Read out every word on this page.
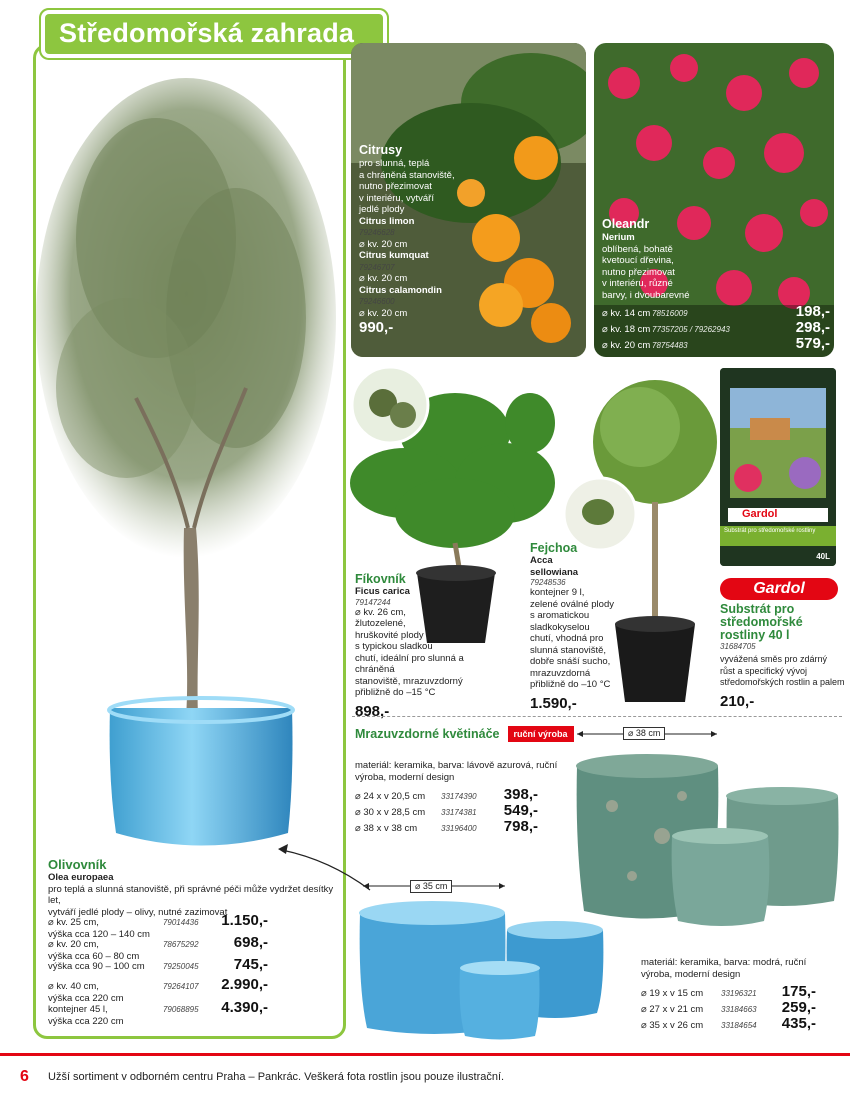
Středomořská zahrada
Olivovník
Olea europaea
pro teplá a slunná stanoviště, při správné péči může vydržet desítky let,
vytváří jedlé plody – olivy, nutné zazimovat
⌀ kv. 25 cm,
výška cca 120 – 140 cm
79014436	1.150,-
⌀ kv. 20 cm,
výška cca 60 – 80 cm
78675292	698,-
výška cca 90 – 100 cm	79250045	745,-
⌀ kv. 40 cm,
výška cca 220 cm
79264107	2.990,-
kontejner 45 l,
výška cca 220 cm
79068895	4.390,-
Citrusy
pro slunná, teplá
a chráněná stanoviště,
nutno přezimovat
v interiéru, vytváří
jedlé plody
Citrus limon
79246628
⌀ kv. 20 cm
Citrus kumquat
79246707
⌀ kv. 20 cm
Citrus calamondin
79246600
⌀ kv. 20 cm
990,-
Oleandr
Nerium
oblíbená, bohatě
kvetoucí dřevina,
nutno přezimovat
v interiéru, různé
barvy, i dvoubarevné
⌀ kv. 14 cm 78516009	198,-
⌀ kv. 18 cm 77357205 / 79262943	298,-
⌀ kv. 20 cm 78754483	579,-
Fíkovník
Ficus carica
79147244
⌀ kv. 26 cm,
žlutozelené,
hruškovité plody
s typickou sladkou
chutí, ideální pro slunná a chráněná
stanoviště, mrazuvzdorný
přibližně do –15 °C
898,-
Fejchoa
Acca
sellowiana
79248536
kontejner 9 l,
zelené oválné plody
s aromatickou
sladkokyselou
chutí, vhodná pro
slunná stanoviště,
dobře snáší sucho,
mrazuvzdorná
přibližně do –10 °C
1.590,-
Gardol
Substrát pro středomořské rostliny
40L
Gardol
Substrát pro
středomořské
rostliny 40 l
31684705
vyvážená směs pro zdárný
růst a specifický vývoj
středomořských rostlin a palem
210,-
Mrazuvzdorné květináče	ruční výroba
materiál: keramika, barva: lávově azurová, ruční
výroba, moderní design
⌀ 24 x v 20,5 cm	33174390	398,-
⌀ 30 x v 28,5 cm	33174381	549,-
⌀ 38 x v 38 cm	33196400	798,-
⌀ 38 cm
⌀ 35 cm
materiál: keramika, barva: modrá, ruční
výroba, moderní design
⌀ 19 x v 15 cm	33196321	175,-
⌀ 27 x v 21 cm	33184663	259,-
⌀ 35 x v 26 cm	33184654	435,-
6 Užší sortiment v odborném centru Praha – Pankrác. Veškerá fota rostlin jsou pouze ilustrační.
